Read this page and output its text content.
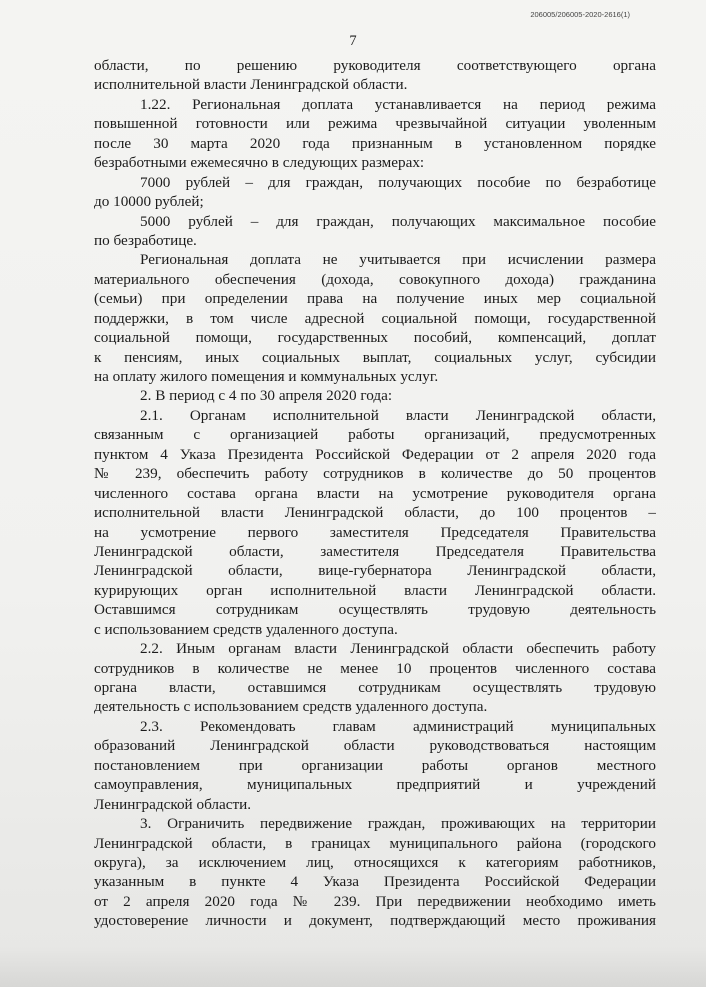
206005/206005-2020-2616(1)
7
области, по решению руководителя соответствующего органа
исполнительной власти Ленинградской области.
1.22. Региональная доплата устанавливается на период режима
повышенной готовности или режима чрезвычайной ситуации уволенным
после 30 марта 2020 года признанным в установленном порядке
безработными ежемесячно в следующих размерах:
7000 рублей – для граждан, получающих пособие по безработице
до 10000 рублей;
5000 рублей – для граждан, получающих максимальное пособие
по безработице.
Региональная доплата не учитывается при исчислении размера
материального обеспечения (дохода, совокупного дохода) гражданина
(семьи) при определении права на получение иных мер социальной
поддержки, в том числе адресной социальной помощи, государственной
социальной помощи, государственных пособий, компенсаций, доплат
к пенсиям, иных социальных выплат, социальных услуг, субсидии
на оплату жилого помещения и коммунальных услуг.
2. В период с 4 по 30 апреля 2020 года:
2.1. Органам исполнительной власти Ленинградской области,
связанным с организацией работы организаций, предусмотренных
пунктом 4 Указа Президента Российской Федерации от 2 апреля 2020 года
№ 239, обеспечить работу сотрудников в количестве до 50 процентов
численного состава органа власти на усмотрение руководителя органа
исполнительной власти Ленинградской области, до 100 процентов –
на усмотрение первого заместителя Председателя Правительства
Ленинградской области, заместителя Председателя Правительства
Ленинградской области, вице-губернатора Ленинградской области,
курирующих орган исполнительной власти Ленинградской области.
Оставшимся сотрудникам осуществлять трудовую деятельность
с использованием средств удаленного доступа.
2.2. Иным органам власти Ленинградской области обеспечить работу
сотрудников в количестве не менее 10 процентов численного состава
органа власти, оставшимся сотрудникам осуществлять трудовую
деятельность с использованием средств удаленного доступа.
2.3. Рекомендовать главам администраций муниципальных
образований Ленинградской области руководствоваться настоящим
постановлением при организации работы органов местного
самоуправления, муниципальных предприятий и учреждений
Ленинградской области.
3. Ограничить передвижение граждан, проживающих на территории
Ленинградской области, в границах муниципального района (городского
округа), за исключением лиц, относящихся к категориям работников,
указанным в пункте 4 Указа Президента Российской Федерации
от 2 апреля 2020 года № 239. При передвижении необходимо иметь
удостоверение личности и документ, подтверждающий место проживания
